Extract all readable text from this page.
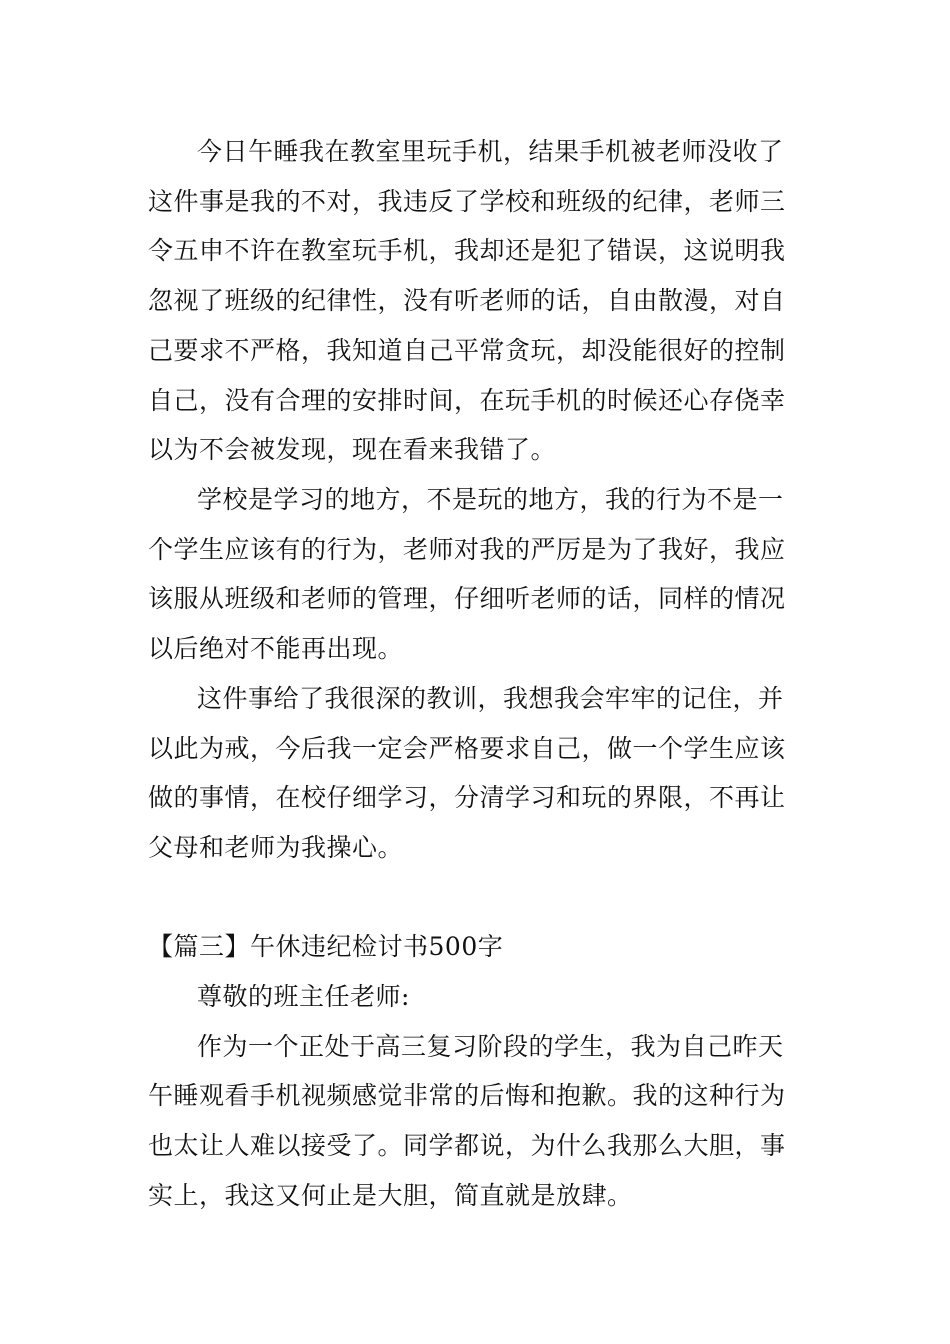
今日午睡我在教室里玩手机，结果手机被老师没收了
这件事是我的不对，我违反了学校和班级的纪律，老师三
令五申不许在教室玩手机，我却还是犯了错误，这说明我
忽视了班级的纪律性，没有听老师的话，自由散漫，对自
己要求不严格，我知道自己平常贪玩，却没能很好的控制
自己，没有合理的安排时间，在玩手机的时候还心存侥幸
以为不会被发现，现在看来我错了。
学校是学习的地方，不是玩的地方，我的行为不是一
个学生应该有的行为，老师对我的严厉是为了我好，我应
该服从班级和老师的管理，仔细听老师的话，同样的情况
以后绝对不能再出现。
这件事给了我很深的教训，我想我会牢牢的记住，并
以此为戒，今后我一定会严格要求自己，做一个学生应该
做的事情，在校仔细学习，分清学习和玩的界限，不再让
父母和老师为我操心。
【篇三】午休违纪检讨书500字
尊敬的班主任老师:
作为一个正处于高三复习阶段的学生，我为自己昨天
午睡观看手机视频感觉非常的后悔和抱歉。我的这种行为
也太让人难以接受了。同学都说，为什么我那么大胆，事
实上，我这又何止是大胆，简直就是放肆。
